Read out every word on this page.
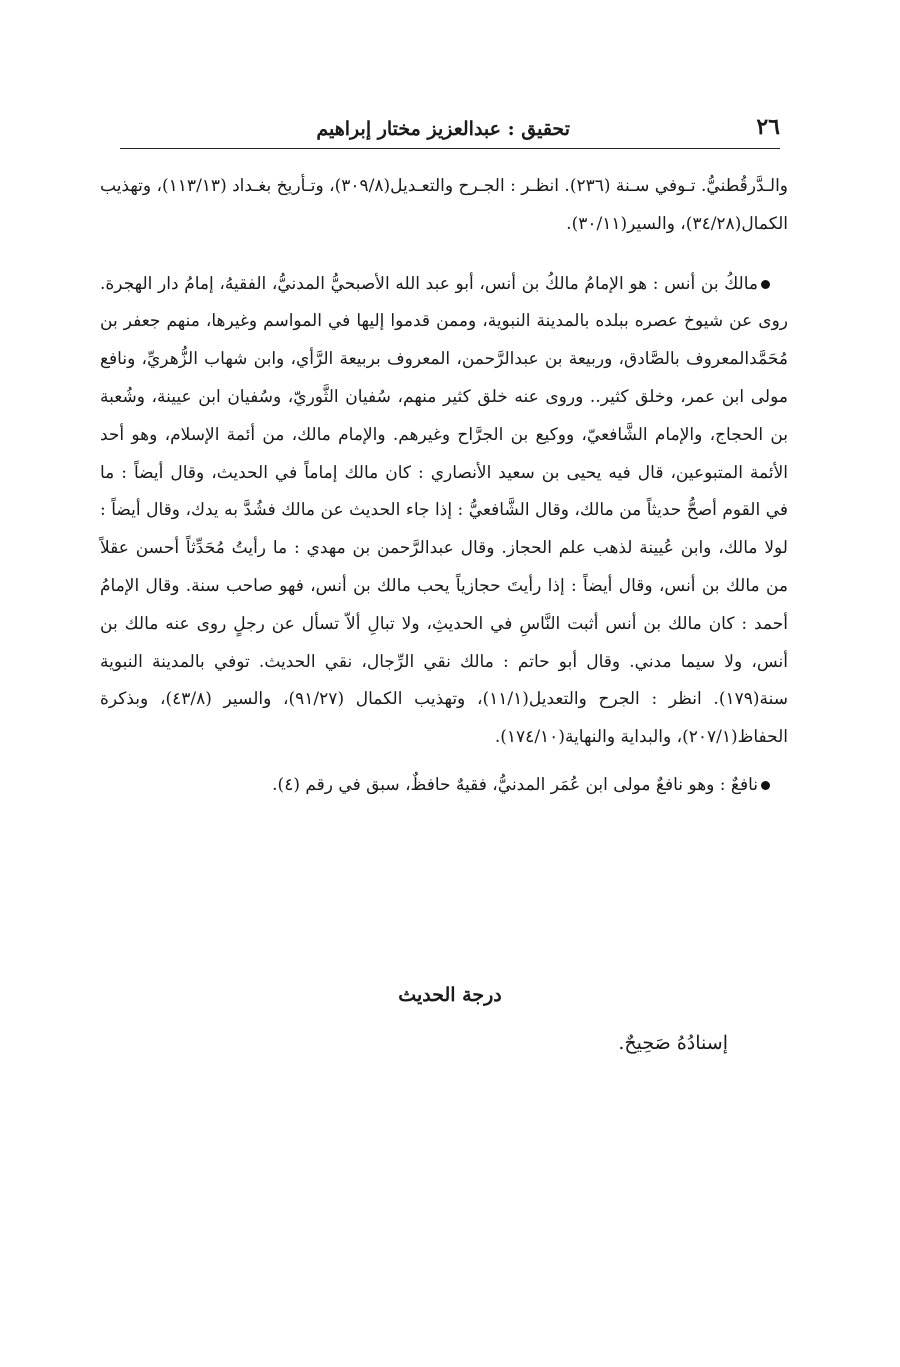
٢٦
تحقيق : عبدالعزيز مختار إبراهيم

والـدَّرقُطنيُّ. تـوفي سـنة (٢٣٦). انظـر : الجـرح والتعـديل(٣٠٩/٨)، وتـأريخ بغـداد (١١٣/١٣)، وتهذيب الكمال(٣٤/٢٨)، والسير(٣٠/١١).

مالكُ بن أنس : هو الإمامُ مالكُ بن أنس، أبو عبد الله الأصبحيُّ المدنيُّ، الفقيهُ، إمامُ دار الهجرة. روى عن شيوخ عصره ببلده بالمدينة النبوية، وممن قدموا إليها في المواسم وغيرها، منهم جعفر بن مُحَمَّدالمعروف بالصَّادق، وربيعة بن عبدالرَّحمن، المعروف بربيعة الرَّأي، وابن شهاب الزُّهريِّ، ونافع مولى ابن عمر، وخلق كثير.. وروى عنه خلق كثير منهم، سُفيان الثَّوريّ، وسُفيان ابن عيينة، وشُعبة بن الحجاج، والإمام الشَّافعيّ، ووكيع بن الجرَّاح وغيرهم. والإمام مالك، من أئمة الإسلام، وهو أحد الأئمة المتبوعين، قال فيه يحيى بن سعيد الأنصاري : كان مالك إماماً في الحديث، وقال أيضاً : ما في القوم أصحُّ حديثاً من مالك، وقال الشَّافعيُّ : إذا جاء الحديث عن مالك فشُدَّ به يدك، وقال أيضاً : لولا مالك، وابن عُيينة لذهب علم الحجاز. وقال عبدالرَّحمن بن مهدي : ما رأيتُ مُحَدِّثاً أحسن عقلاً من مالك بن أنس، وقال أيضاً : إذا رأيتَ حجازياً يحب مالك بن أنس، فهو صاحب سنة. وقال الإمامُ أحمد : كان مالك بن أنس أثبت النَّاسِ في الحديثِ، ولا تبالِ ألاّ تسأل عن رجلٍ روى عنه مالك بن أنس، ولا سيما مدني. وقال أبو حاتم : مالك نقي الرِّجال، نقي الحديث. توفي بالمدينة النبوية سنة(١٧٩). انظر : الجرح والتعديل(١١/١)، وتهذيب الكمال (٩١/٢٧)، والسير (٤٣/٨)، وبذكرة الحفاظ(٢٠٧/١)، والبداية والنهاية(١٧٤/١٠).

نافعٌ : وهو نافعٌ مولى ابن عُمَر المدنيُّ، فقيهٌ حافظٌ، سبق في رقم (٤).

درجة الحديث
إسنادُهُ صَحِيحٌ.
